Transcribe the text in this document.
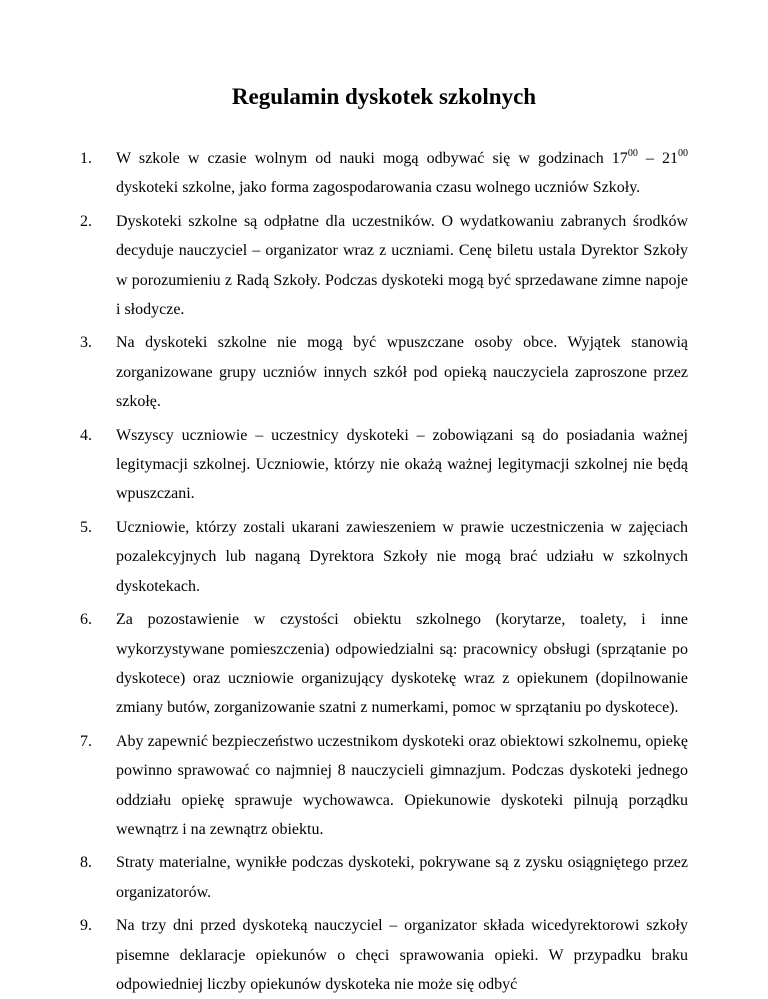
Regulamin dyskotek szkolnych
1. W szkole w czasie wolnym od nauki mogą odbywać się w godzinach $17^{00} - 21^{00}$ dyskoteki szkolne, jako forma zagospodarowania czasu wolnego uczniów Szkoły.
2. Dyskoteki szkolne są odpłatne dla uczestników. O wydatkowaniu zabranych środków decyduje nauczyciel – organizator wraz z uczniami. Cenę biletu ustala Dyrektor Szkoły w porozumieniu z Radą Szkoły. Podczas dyskoteki mogą być sprzedawane zimne napoje i słodycze.
3. Na dyskoteki szkolne nie mogą być wpuszczane osoby obce. Wyjątek stanowią zorganizowane grupy uczniów innych szkół pod opieką nauczyciela zaproszone przez szkołę.
4. Wszyscy uczniowie – uczestnicy dyskoteki – zobowiązani są do posiadania ważnej legitymacji szkolnej. Uczniowie, którzy nie okażą ważnej legitymacji szkolnej nie będą wpuszczani.
5. Uczniowie, którzy zostali ukarani zawieszeniem w prawie uczestniczenia w zajęciach pozalekcyjnych lub naganą Dyrektora Szkoły nie mogą brać udziału w szkolnych dyskotekach.
6. Za pozostawienie w czystości obiektu szkolnego (korytarze, toalety, i inne wykorzystywane pomieszczenia) odpowiedzialni są: pracownicy obsługi (sprzątanie po dyskotece) oraz uczniowie organizujący dyskotekę wraz z opiekunem (dopilnowanie zmiany butów, zorganizowanie szatni z numerkami, pomoc w sprzątaniu po dyskotece).
7. Aby zapewnić bezpieczeństwo uczestnikom dyskoteki oraz obiektowi szkolnemu, opiekę powinno sprawować co najmniej 8 nauczycieli gimnazjum. Podczas dyskoteki jednego oddziału opiekę sprawuje wychowawca. Opiekunowie dyskoteki pilnują porządku wewnątrz i na zewnątrz obiektu.
8. Straty materialne, wynikłe podczas dyskoteki, pokrywane są z zysku osiągniętego przez organizatorów.
9. Na trzy dni przed dyskoteką nauczyciel – organizator składa wicedyrektorowi szkoły pisemne deklaracje opiekunów o chęci sprawowania opieki. W przypadku braku odpowiedniej liczby opiekunów dyskoteka nie może się odbyć
